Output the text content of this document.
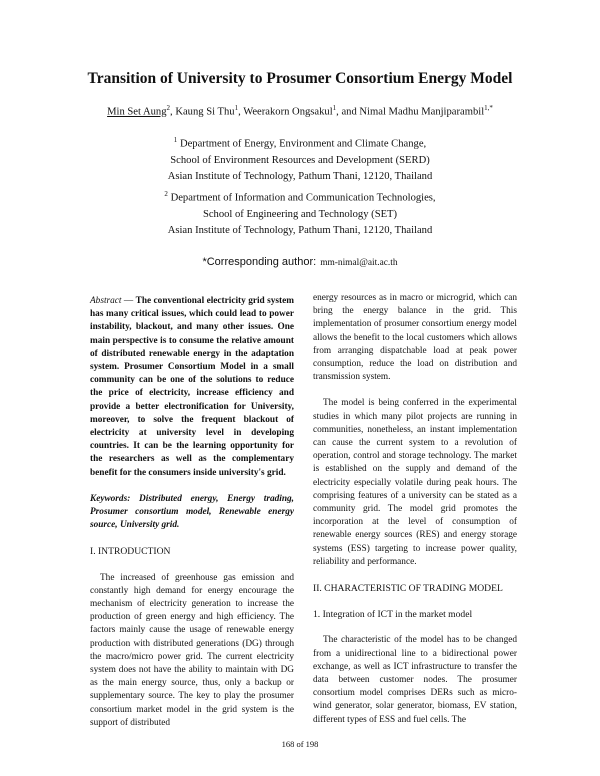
Transition of University to Prosumer Consortium Energy Model
Min Set Aung$^2$, Kaung Si Thu$^1$, Weerakorn Ongsakul$^1$, and Nimal Madhu Manjiparambil$^{1,*}$
$^1$ Department of Energy, Environment and Climate Change,
School of Environment Resources and Development (SERD)
Asian Institute of Technology, Pathum Thani, 12120, Thailand
$^2$ Department of Information and Communication Technologies,
School of Engineering and Technology (SET)
Asian Institute of Technology, Pathum Thani, 12120, Thailand
*Corresponding author: mm-nimal@ait.ac.th

Abstract — The conventional electricity grid system has many critical issues, which could lead to power instability, blackout, and many other issues. One main perspective is to consume the relative amount of distributed renewable energy in the adaptation system. Prosumer Consortium Model in a small community can be one of the solutions to reduce the price of electricity, increase efficiency and provide a better electronification for University, moreover, to solve the frequent blackout of electricity at university level in developing countries. It can be the learning opportunity for the researchers as well as the complementary benefit for the consumers inside university's grid.

Keywords: Distributed energy, Energy trading, Prosumer consortium model, Renewable energy source, University grid.

I. INTRODUCTION

The increased of greenhouse gas emission and constantly high demand for energy encourage the mechanism of electricity generation to increase the production of green energy and high efficiency. The factors mainly cause the usage of renewable energy production with distributed generations (DG) through the macro/micro power grid. The current electricity system does not have the ability to maintain with DG as the main energy source, thus, only a backup or supplementary source. The key to play the prosumer consortium market model in the grid system is the support of distributed

energy resources as in macro or microgrid, which can bring the energy balance in the grid. This implementation of prosumer consortium energy model allows the benefit to the local customers which allows from arranging dispatchable load at peak power consumption, reduce the load on distribution and transmission system.

The model is being conferred in the experimental studies in which many pilot projects are running in communities, nonetheless, an instant implementation can cause the current system to a revolution of operation, control and storage technology. The market is established on the supply and demand of the electricity especially volatile during peak hours. The comprising features of a university can be stated as a community grid. The model grid promotes the incorporation at the level of consumption of renewable energy sources (RES) and energy storage systems (ESS) targeting to increase power quality, reliability and performance.

II. CHARACTERISTIC OF TRADING MODEL

1. Integration of ICT in the market model

The characteristic of the model has to be changed from a unidirectional line to a bidirectional power exchange, as well as ICT infrastructure to transfer the data between customer nodes. The prosumer consortium model comprises DERs such as micro- wind generator, solar generator, biomass, EV station, different types of ESS and fuel cells. The

168 of 198
